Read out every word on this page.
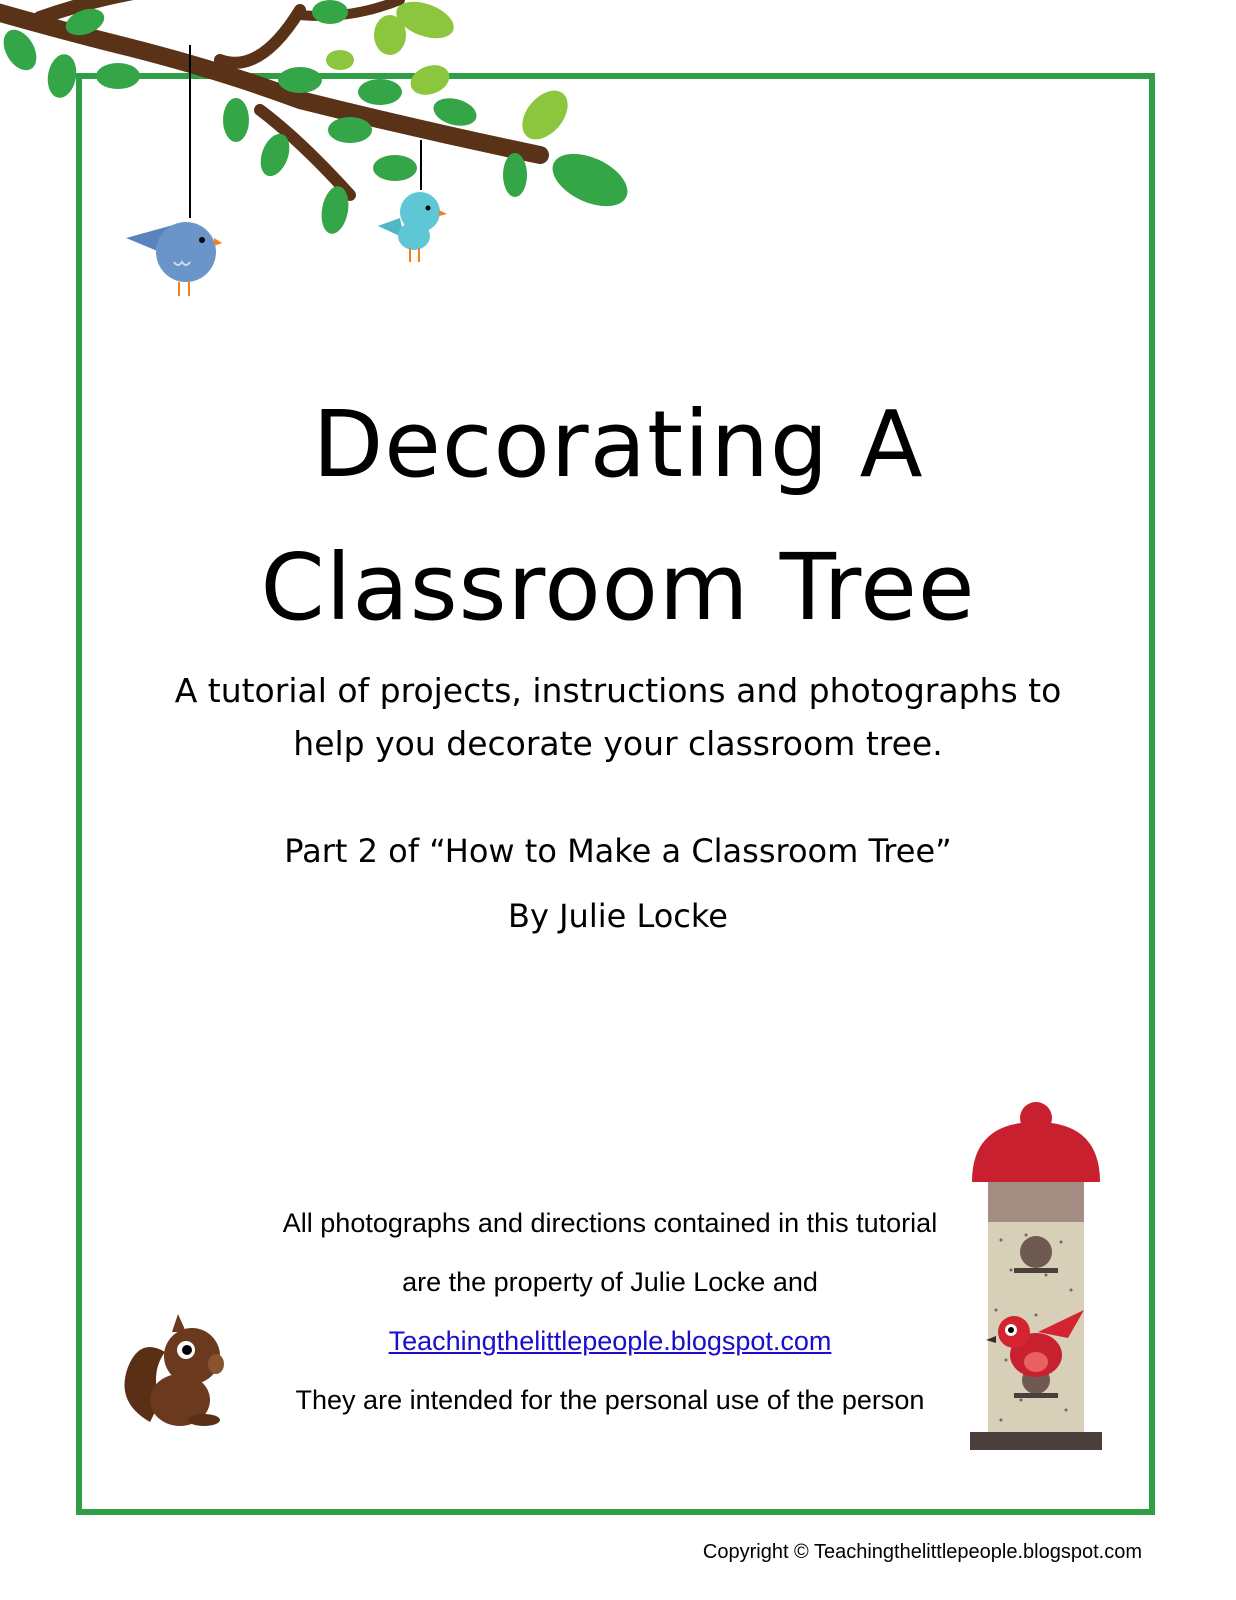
Decorating A
Classroom Tree

A tutorial of projects, instructions and photographs to
help you decorate your classroom tree.

Part 2 of “How to Make a Classroom Tree”

By Julie Locke

All photographs and directions contained in this tutorial
are the property of Julie Locke and
Teachingthelittlepeople.blogspot.com
They are intended for the personal use of the person
Copyright © Teachingthelittlepeople.blogspot.com
